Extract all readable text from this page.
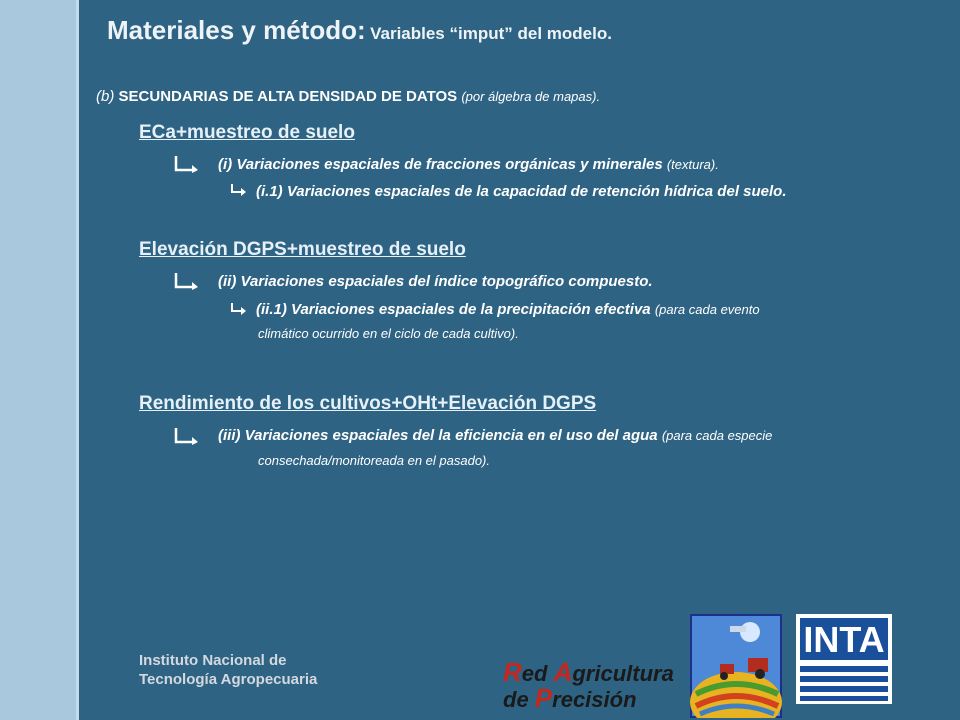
Materiales y método: Variables “imput” del modelo.
(b) SECUNDARIAS DE ALTA DENSIDAD DE DATOS (por álgebra de mapas).
ECa+muestreo de suelo
(i) Variaciones espaciales de fracciones orgánicas y minerales (textura).
(i.1) Variaciones espaciales de la capacidad de retención hídrica del suelo.
Elevación DGPS+muestreo de suelo
(ii) Variaciones espaciales del índice topográfico compuesto.
(ii.1) Variaciones espaciales de la precipitación efectiva (para cada evento
climático ocurrido en el ciclo de cada cultivo).
Rendimiento de los cultivos+OHt+Elevación DGPS
(iii) Variaciones espaciales del la eficiencia en el uso del agua (para cada especie
consechada/monitoreada en el pasado).
Instituto Nacional de
Tecnología Agropecuaria	Red Agricultura
de Precisión
INTA
